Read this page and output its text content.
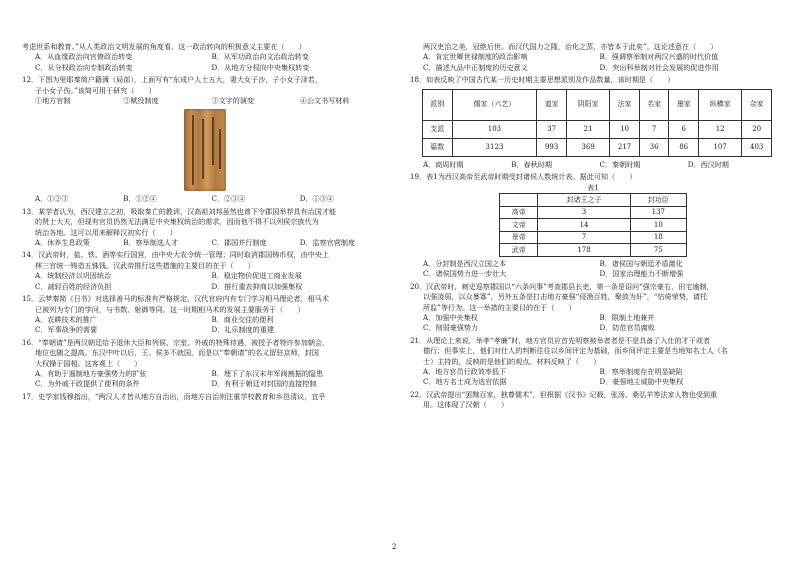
考虑世系和教育。”从人类政治文明发展的角度看，这一政治转向的积极意义主要在（　　）

A．从血缘政治向官僚政治转变	B．从军功政治向文治政治转变
C．从分权政治向专制政治转变	D．从地方分权向中央集权转变

12．下图为里耶秦简户籍簿（局部），上面写有“东成户人士五大，妻大女子沙，子小女子泽若，

子小女子伤。”该简可用于研究（　　）

①地方官制	②赋役制度	③文字的演变	④公文书写材料
A．①②③	B．①②④	C．②③④	D．①③④

13．某学者认为，西汉建立之初，吸取秦亡的教训，汉高祖刘邦虽然也曾下令郡国举荐具有治国才能

的贤士大夫，但现有官员仍然无法满足中央集权统治的需求，因而他不得不以列侯宗族代为

统治各地。这可以用来解释汉初实行（　　）

A．休养生息政策	B．察举制选人才	C．郡国并行制度	D．监察官营制度

14．汉武帝时，盐、铁、酒等实行国营，由中央大农令统一管理；同时取消郡国铸币权，由中央上

林三官统一铸造五铢钱。汉武帝推行这些措施的主要目的在于（　　）

A．统制经济以巩固统治	B．稳定物价促进工商业发展
C．减轻百姓的经济负担	D．推行重农抑商以加强集权

15．云梦秦简《日书》对选择善马的标准有严格规定，汉代官府内有专门学习相马理论者，相马术

已被列为专门的学问，与书数、射御等同。这一时期相马术的发展主要服务于（　　）

A．农耕技术的推广	B．商业交往的便利
C．军事战争的需要	D．礼乐制度的重建

16．“奉朝请”是两汉朝廷给予退休大臣和列侯、宗室、外戚的特殊待遇，被授予者特许参加朝会，

地位也随之提高。东汉中叶以后，王、侯多不就国，而是以“奉朝请”的名义留驻京师，封国

大权操于国相。这客观上（　　）

A．有助于遏制地方豪强势力的扩张	B．埋下了东汉末年军阀割据的隐患
C．为外戚干政提供了便利的条件	D．有利于朝廷对封国的直接控制

17．史学家钱穆指出，“两汉人才皆从地方自治出，而地方自治则注重学校教育和乡邑清议，宜乎

两汉吏治之美，冠绝后世。而汉代国力之隆，治化之蒸，亦皆本于此矣”。这论述意在（　　）

A．肯定世卿世禄制度的政治影响	B．强调察举制对两汉兴盛的时代价值
C．描述九品中正制度的历史意义	D．突出科举制对社会发展的促进作用

18．如表反映了中国古代某一历史时期主要思想派别及作品数量，该时期是（　　）

派别	儒家（六艺）	道家	阴阳家	法家	名家	墨家	纵横家	杂家
支派	103	37	21	10	7	6	12	20
篇数	3123	993	369	217	36	86	107	403
A．商周时期	B．春秋时期	C．秦朝时期	D．西汉时期

19．表1为西汉高帝至武帝时期受封诸侯人数统计表。据此可知（　　）

表1
	封诸王之子	封功臣
高帝	3	137
文帝	14	10
景帝	7	18
武帝	178	75
A．分封制是西汉立国之本	B．诸侯国与朝廷矛盾激化
C．诸侯国势力进一步壮大	D．国家治理能力不断增强

20．汉武帝时，刺史巡察郡国以“六条问事”考查郡县长吏，第一条是诏问“强宗豪右，田宅逾制，

以强凌弱，以众暴寡”，另外五条是打击地方豪强“侵渔百姓，聚敛为奸”，“怙倚荣势，请托

所监”等行为。这一举措的主要目的在于（　　）

A．加强中央集权	B．限制土地兼并
C．削弱豪强势力	D．防范官员腐败

21．从理论上来说，举孝“孝廉”时，地方官员应首先明察被举者者是不是具备了入仕的才干或者

德行；但事实上，他们对仕人的判断往往以乡间评定为基础，而乡间评定主要是当地知名士人（名

士）主持的，反映的是他们的观点。材料反映了（　　）

A．地方官员行政效率低下	B．察举制度存在明显缺陷
C．地方名士成为选官依据	D．豪强地主威胁中央集权

22．汉武帝提出“罢黜百家，独尊儒术”，但根据《汉书》记载，张汤、桑弘羊等法家人物也受到重

用。这体现了汉朝（　　）

2
